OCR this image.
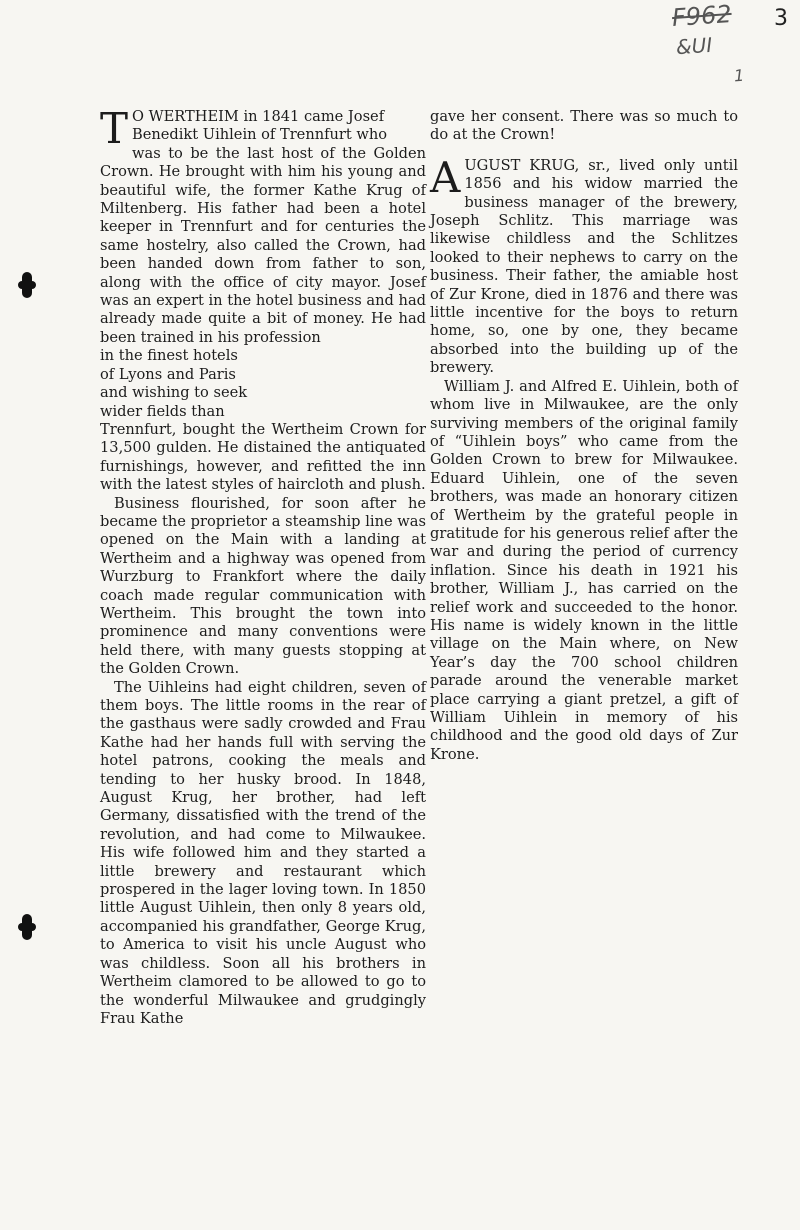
3
F962
&UI
1

T O WERTHEIM in 1841 came Josef

Benedikt Uihlein of Trennfurt who
was to be the last host of the Golden Crown. He brought with him his young and beautiful wife, the former Kathe Krug of Miltenberg. His father had been a hotel keeper in Trennfurt and for centuries the same hostelry, also called the Crown, had been handed down from father to son, along with the office of city mayor. Josef was an expert in the hotel business and had already made quite a bit of money. He had been trained in his profession
in the finest hotels
of Lyons and Paris
and wishing to seek
wider fields than
Trennfurt, bought the Wertheim Crown for 13,500 gulden. He distained the antiquated furnishings, however, and refitted the inn with the latest styles of haircloth and plush.

Business flourished, for soon after he became the proprietor a steamship line was opened on the Main with a landing at Wertheim and a highway was opened from Wurzburg to Frankfort where the daily coach made regular communication with Wertheim. This brought the town into prominence and many conventions were held there, with many guests stopping at the Golden Crown.

The Uihleins had eight children, seven of them boys. The little rooms in the rear of the gasthaus were sadly crowded and Frau Kathe had her hands full with serving the hotel patrons, cooking the meals and tending to her husky brood. In 1848, August Krug, her brother, had left Germany, dissatisfied with the trend of the revolution, and had come to Milwaukee. His wife followed him and they started a little brewery and restaurant which prospered in the lager loving town. In 1850 little August Uihlein, then only 8 years old, accompanied his grandfather, George Krug, to America to visit his uncle August who was childless. Soon all his brothers in Wertheim clamored to be allowed to go to the wonderful Milwaukee and grudgingly Frau Kathe

gave her consent. There was so much to do at the Crown!

A UGUST KRUG, sr., lived only until 1856 and his widow married the business manager of the brewery, Joseph Schlitz. This marriage was likewise childless and the Schlitzes looked to their nephews to carry on the business. Their father, the amiable host of Zur Krone, died in 1876 and there was little incentive for the boys to return home, so, one by one, they became absorbed into the building up of the brewery.

William J. and Alfred E. Uihlein, both of whom live in Milwaukee, are the only surviving members of the original family of “Uihlein boys” who came from the Golden Crown to brew for Milwaukee. Eduard Uihlein, one of the seven brothers, was made an honorary citizen of Wertheim by the grateful people in gratitude for his generous relief after the war and during the period of currency inflation. Since his death in 1921 his brother, William J., has carried on the relief work and succeeded to the honor. His name is widely known in the little village on the Main where, on New Year’s day the 700 school children parade around the venerable market place carrying a giant pretzel, a gift of William Uihlein in memory of his childhood and the good old days of Zur Krone.
